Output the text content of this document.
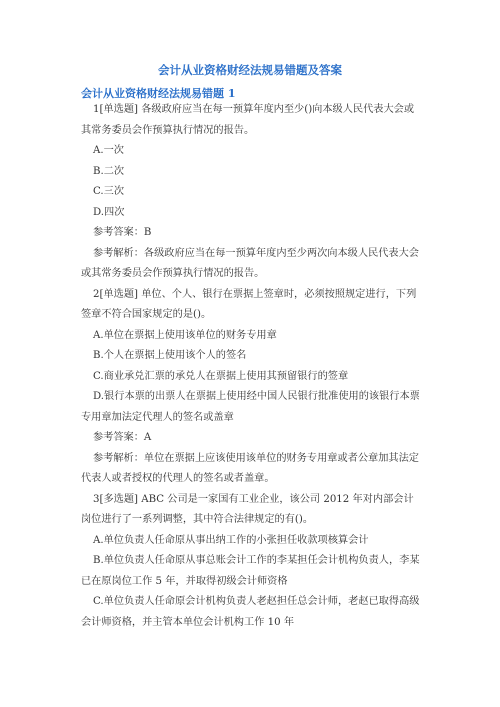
会计从业资格财经法规易错题及答案
会计从业资格财经法规易错题 1

1[单选题] 各级政府应当在每一预算年度内至少()向本级人民代表大会或其常务委员会作预算执行情况的报告。

A.一次

B.二次

C.三次

D.四次

参考答案：B

参考解析：各级政府应当在每一预算年度内至少两次向本级人民代表大会或其常务委员会作预算执行情况的报告。

2[单选题] 单位、个人、银行在票据上签章时，必须按照规定进行，下列签章不符合国家规定的是()。

A.单位在票据上使用该单位的财务专用章

B.个人在票据上使用该个人的签名

C.商业承兑汇票的承兑人在票据上使用其预留银行的签章

D.银行本票的出票人在票据上使用经中国人民银行批准使用的该银行本票专用章加法定代理人的签名或盖章

参考答案：A

参考解析：单位在票据上应该使用该单位的财务专用章或者公章加其法定代表人或者授权的代理人的签名或者盖章。

3[多选题] ABC 公司是一家国有工业企业，该公司 2012 年对内部会计岗位进行了一系列调整，其中符合法律规定的有()。

A.单位负责人任命原从事出纳工作的小张担任收款项核算会计

B.单位负责人任命原从事总账会计工作的李某担任会计机构负责人，李某已在原岗位工作 5 年，并取得初级会计师资格

C.单位负责人任命原会计机构负责人老赵担任总会计师，老赵已取得高级会计师资格，并主管本单位会计机构工作 10 年
